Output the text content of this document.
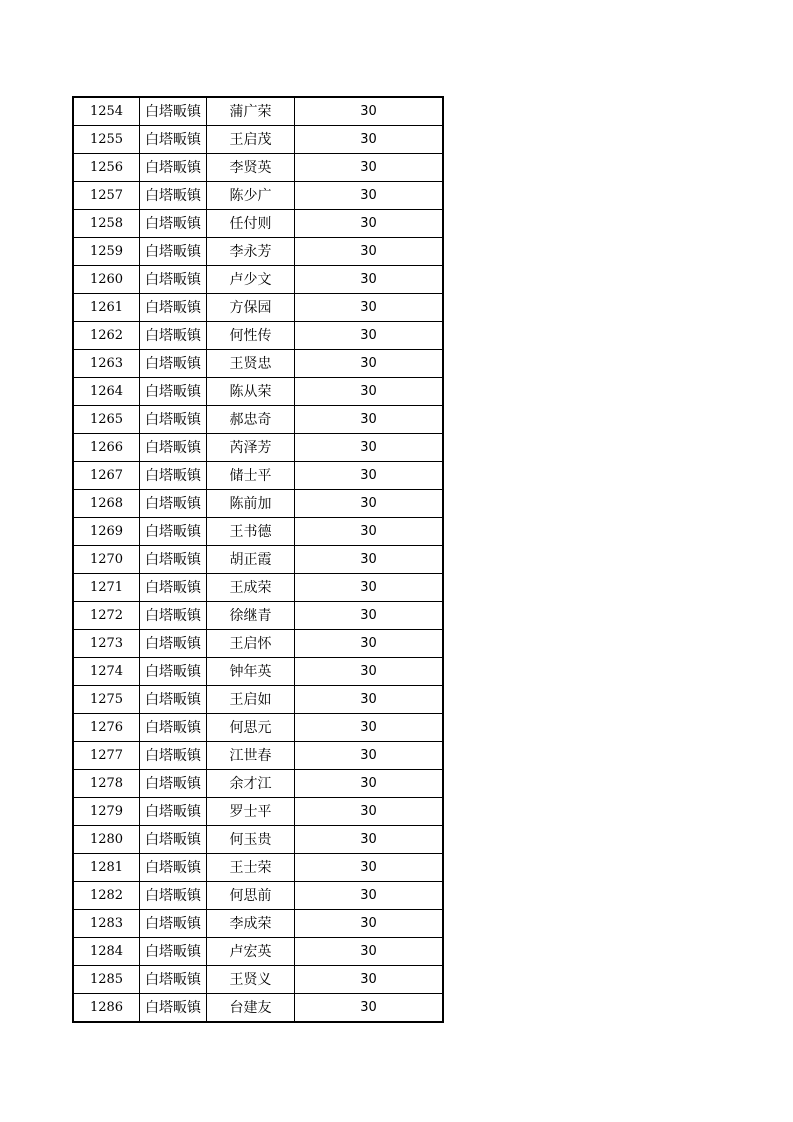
1254	白塔畈镇	蒲广荣	30
1255	白塔畈镇	王启茂	30
1256	白塔畈镇	李贤英	30
1257	白塔畈镇	陈少广	30
1258	白塔畈镇	任付则	30
1259	白塔畈镇	李永芳	30
1260	白塔畈镇	卢少文	30
1261	白塔畈镇	方保园	30
1262	白塔畈镇	何性传	30
1263	白塔畈镇	王贤忠	30
1264	白塔畈镇	陈从荣	30
1265	白塔畈镇	郝忠奇	30
1266	白塔畈镇	芮泽芳	30
1267	白塔畈镇	储士平	30
1268	白塔畈镇	陈前加	30
1269	白塔畈镇	王书德	30
1270	白塔畈镇	胡正霞	30
1271	白塔畈镇	王成荣	30
1272	白塔畈镇	徐继青	30
1273	白塔畈镇	王启怀	30
1274	白塔畈镇	钟年英	30
1275	白塔畈镇	王启如	30
1276	白塔畈镇	何思元	30
1277	白塔畈镇	江世春	30
1278	白塔畈镇	余才江	30
1279	白塔畈镇	罗士平	30
1280	白塔畈镇	何玉贵	30
1281	白塔畈镇	王士荣	30
1282	白塔畈镇	何思前	30
1283	白塔畈镇	李成荣	30
1284	白塔畈镇	卢宏英	30
1285	白塔畈镇	王贤义	30
1286	白塔畈镇	台建友	30
